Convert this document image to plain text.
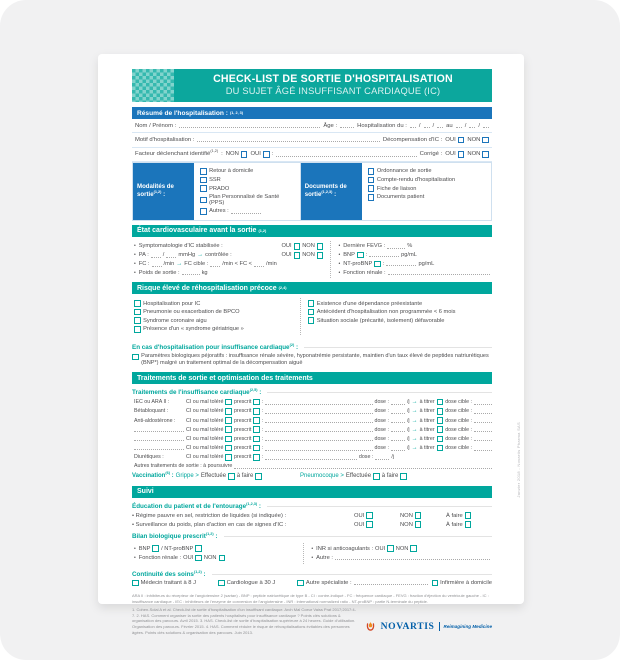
CHECK-LIST DE SORTIE D'HOSPITALISATION
DU SUJET ÂGÉ INSUFFISANT CARDIAQUE (IC)
Résumé de l'hospitalisation : (1, 2, 3)
Nom / Prénom :	Âge :	Hospitalisation du : / / au / /
Motif d'hospitalisation :	Décompensation d'IC : OUI NON
Facteur déclenchant identifié$^{(1,2)}$ : NON OUI :	Corrigé : OUI NON
Modalités de sortie$^{(1,2)}$ :
Retour à domicile
SSR
PRADO
Plan Personnalisé de Santé (PPS)
Autres :
Documents de sortie$^{(1,2,3)}$ :
Ordonnance de sortie
Compte-rendu d'hospitalisation
Fiche de liaison
Documents patient
État cardiovasculaire avant la sortie (1,2)
•
Symptomatologie d'IC stabilisée :	OUI NON
•
PA : / mmHg → contrôlée :	OUI NON
•
FC : /min → FC cible : /min < FC < /min
•
Poids de sortie :	kg
•
Dernière FEVG :	%
•
BNP :	pg/mL
•
NT-proBNP :	pg/mL
•
Fonction rénale :
Risque élevé de réhospitalisation précoce (2,4)
Hospitalisation pour IC
Pneumonie ou exacerbation de BPCO
Syndrome coronaire aigu
Présence d'un « syndrome gériatrique »
Existence d'une dépendance préexistante
Antécédent d'hospitalisation non programmée < 6 mois
Situation sociale (précarité, isolement) défavorable
En cas d'hospitalisation pour insuffisance cardiaque$^{(2)}$ :
Paramètres biologiques péjoratifs : insuffisance rénale sévère, hyponatrémie persistante, maintien d'un taux élevé de peptides natriurétiques (BNP*) malgré un traitement optimal de la décompensation aiguë
Traitements de sortie et optimisation des traitements
Traitements de l'insuffisance cardiaque$^{(2,5)}$ :
IEC ou ARA II :	CI ou mal toléré prescrit :	dose :	/j → à titrer dose cible :
Bétabloquant :	CI ou mal toléré prescrit :	dose :	/j → à titrer dose cible :
Anti-aldostérone :	CI ou mal toléré prescrit :	dose :	/j → à titrer dose cible :
CI ou mal toléré prescrit :	dose :	/j → à titrer dose cible :
CI ou mal toléré prescrit :	dose :	/j → à titrer dose cible :
CI ou mal toléré prescrit :	dose :	/j → à titrer dose cible :
Diurétiques :	CI ou mal toléré prescrit :	dose :	/j
Autres traitements de sortie : à poursuivre
Vaccination$^{(6)}$ : Grippe > Effectuée à faire	Pneumocoque > Effectuée à faire
Suivi
Éducation du patient et de l'entourage$^{(1,2,3)}$ :
• Régime pauvre en sel, restriction de liquides (si indiquée) :	OUI	NON	À faire
• Surveillance du poids, plan d'action en cas de signes d'IC :	OUI	NON	À faire
Bilan biologique prescrit$^{(1,2)}$ :
•
BNP / NT-proBNP
•
Fonction rénale : OUI NON
•
INR si anticoagulants : OUI NON
•
Autre :
Continuité des soins$^{(1,2)}$ :
Médecin traitant à 8 J	Cardiologue à 30 J	Autre spécialiste :	Infirmière à domicile
ARA II : inhibiteurs du récepteur de l'angiotensine 2 (sartan) - BNP : peptide natriurétique de type B - CI : contre-indiqué - FC : fréquence cardiaque - FEVG : fraction d'éjection du ventricule gauche - IC : insuffisance cardiaque - IEC : inhibiteurs de l'enzyme de conversion de l'angiotensine - INR : international normalized ratio - NT-proBNP : partie N-terminale du peptide.
1. Cohen-Solal A et al. Check-list de sortie d'hospitalisation d'un insuffisant cardiaque. Arch Mal Coeur Vaiss Prat 2017;2017:4-7. 2. HAS. Comment organiser la sortie des patients hospitalisés pour insuffisance cardiaque ? Points clés solutions & organisation des parcours. Avril 2015. 3. HAS. Check-list de sortie d'hospitalisation supérieure à 24 heures. Guide d'utilisation. Organisation des parcours. Février 2015. 4. HAS. Comment réduire le risque de réhospitalisations évitables des personnes âgées. Points clés solutions & organisation des parcours. Juin 2013.
NOVARTIS Reimagining Medicine
Janvier 2018 - Novartis Pharma SAS
